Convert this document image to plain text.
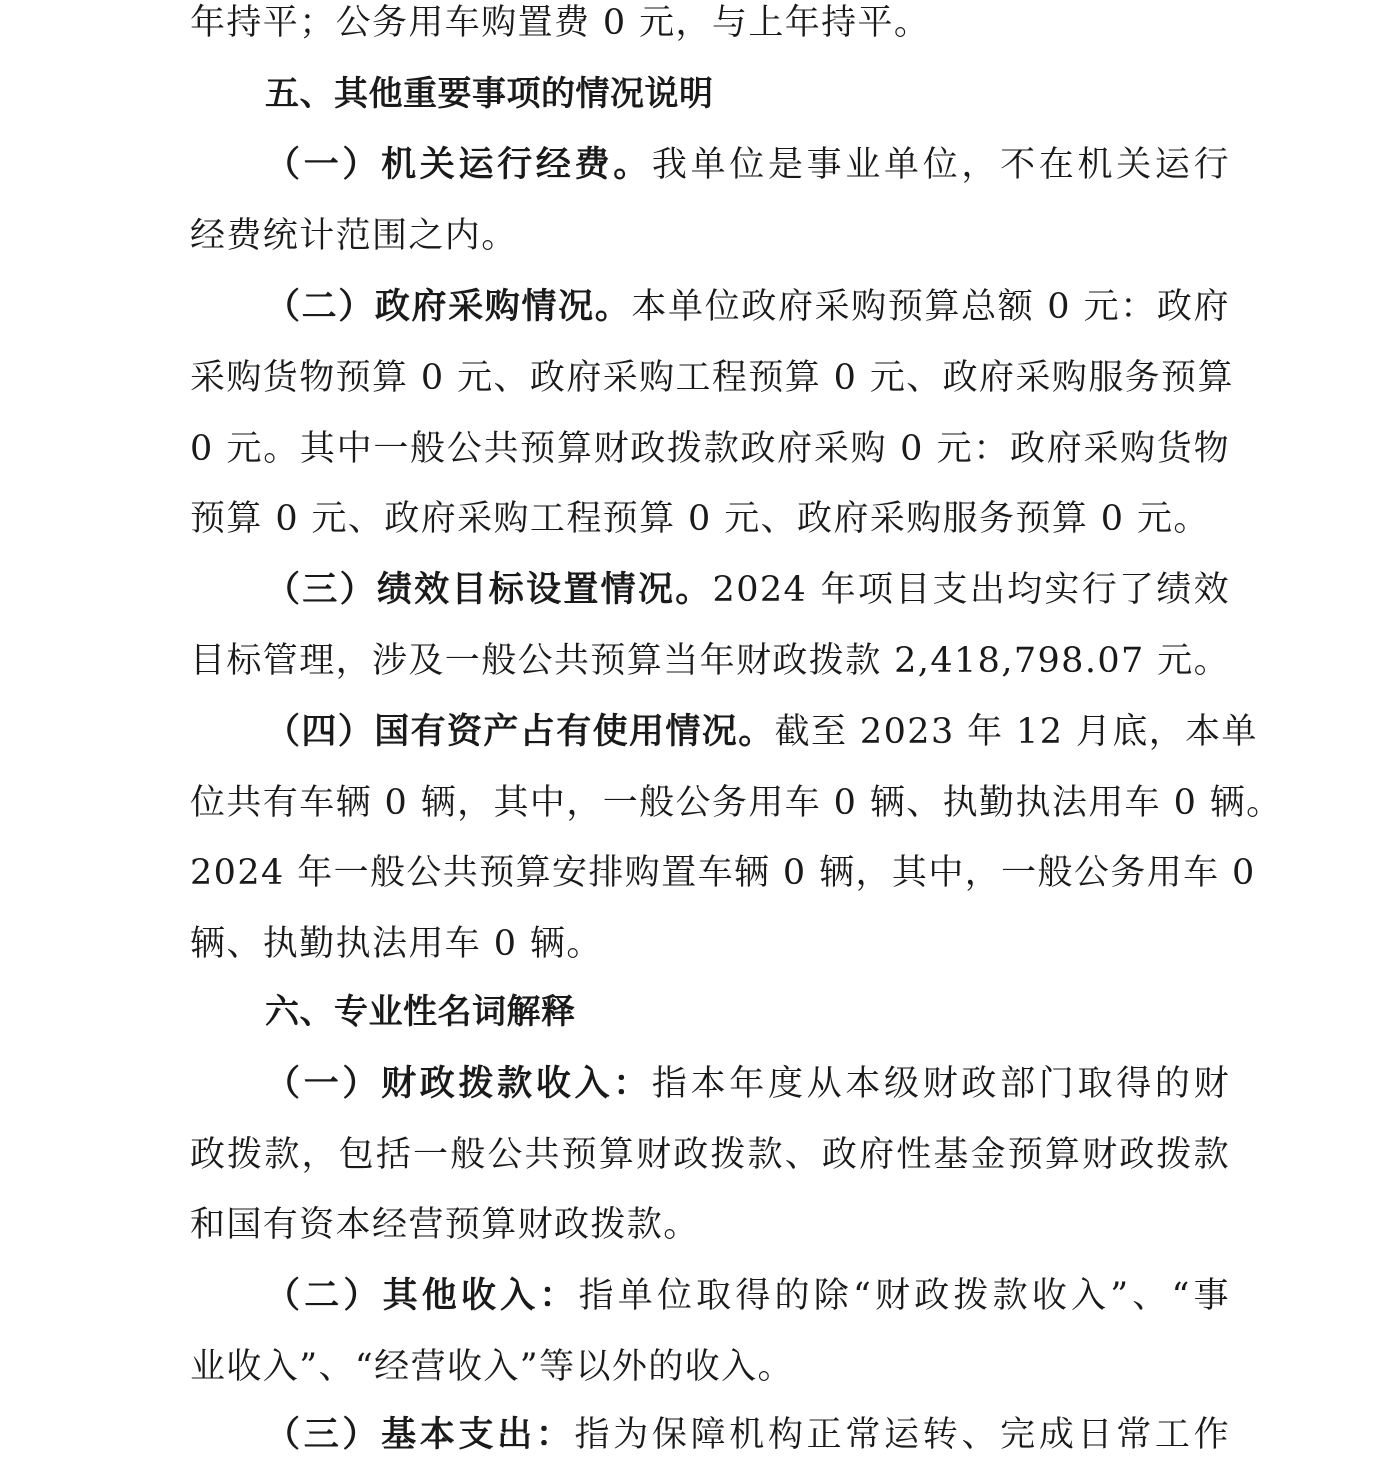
年持平；公务用车购置费 0 元，与上年持平。
五、其他重要事项的情况说明
（一）机关运行经费。我单位是事业单位，不在机关运行
经费统计范围之内。
（二）政府采购情况。本单位政府采购预算总额 0 元：政府
采购货物预算 0 元、政府采购工程预算 0 元、政府采购服务预算
0 元。其中一般公共预算财政拨款政府采购 0 元：政府采购货物
预算 0 元、政府采购工程预算 0 元、政府采购服务预算 0 元。
（三）绩效目标设置情况。2024 年项目支出均实行了绩效
目标管理，涉及一般公共预算当年财政拨款 2,418,798.07 元。
（四）国有资产占有使用情况。截至 2023 年 12 月底，本单
位共有车辆 0 辆，其中，一般公务用车 0 辆、执勤执法用车 0 辆。
2024 年一般公共预算安排购置车辆 0 辆，其中，一般公务用车 0
辆、执勤执法用车 0 辆。
六、专业性名词解释
（一）财政拨款收入：指本年度从本级财政部门取得的财
政拨款，包括一般公共预算财政拨款、政府性基金预算财政拨款
和国有资本经营预算财政拨款。
（二）其他收入：指单位取得的除“财政拨款收入”、“事
业收入”、“经营收入”等以外的收入。
（三）基本支出：指为保障机构正常运转、完成日常工作
